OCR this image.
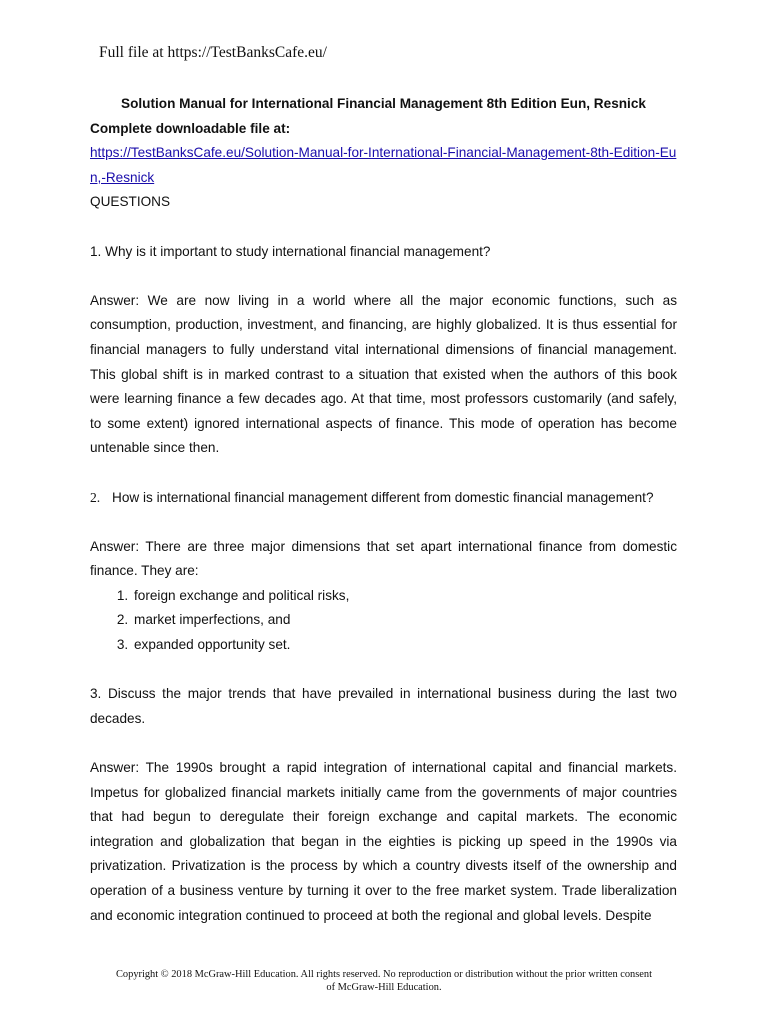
Full file at https://TestBanksCafe.eu/

Solution Manual for International Financial Management 8th Edition Eun, Resnick

Complete downloadable file at:

https://TestBanksCafe.eu/Solution-Manual-for-International-Financial-Management-8th-Edition-Eun,-Resnick

QUESTIONS

1. Why is it important to study international financial management?

Answer: We are now living in a world where all the major economic functions, such as consumption, production, investment, and financing, are highly globalized. It is thus essential for financial managers to fully understand vital international dimensions of financial management. This global shift is in marked contrast to a situation that existed when the authors of this book were learning finance a few decades ago. At that time, most professors customarily (and safely, to some extent) ignored international aspects of finance. This mode of operation has become untenable since then.

2. How is international financial management different from domestic financial management?

Answer: There are three major dimensions that set apart international finance from domestic finance. They are:

1. foreign exchange and political risks,
2. market imperfections, and
3. expanded opportunity set.

3. Discuss the major trends that have prevailed in international business during the last two decades.

Answer: The 1990s brought a rapid integration of international capital and financial markets. Impetus for globalized financial markets initially came from the governments of major countries that had begun to deregulate their foreign exchange and capital markets. The economic integration and globalization that began in the eighties is picking up speed in the 1990s via privatization. Privatization is the process by which a country divests itself of the ownership and operation of a business venture by turning it over to the free market system. Trade liberalization and economic integration continued to proceed at both the regional and global levels. Despite

Copyright © 2018 McGraw-Hill Education. All rights reserved. No reproduction or distribution without the prior written consent
of McGraw-Hill Education.
